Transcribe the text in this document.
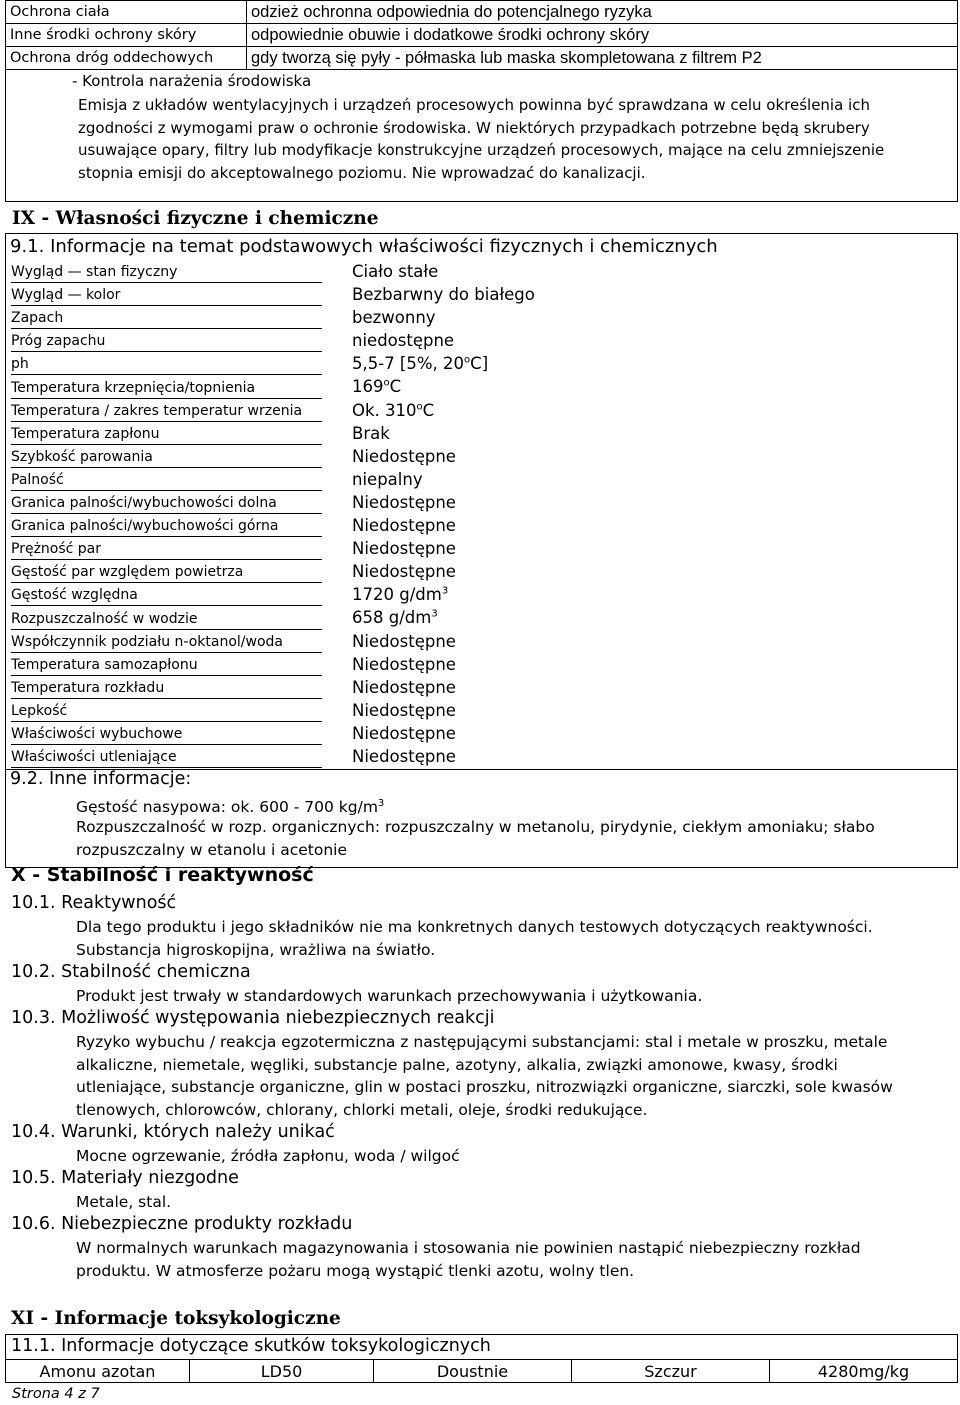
Ochrona ciała	odzież ochronna odpowiednia do potencjalnego ryzyka
Inne środki ochrony skóry	odpowiednie obuwie i dodatkowe środki ochrony skóry
Ochrona dróg oddechowych	gdy tworzą się pyły - półmaska lub maska skompletowana z filtrem P2
- Kontrola narażenia środowiska

Emisja z układów wentylacyjnych i urządzeń procesowych powinna być sprawdzana w celu określenia ich

zgodności z wymogami praw o ochronie środowiska. W niektórych przypadkach potrzebne będą skrubery

usuwające opary, filtry lub modyfikacje konstrukcyjne urządzeń procesowych, mające na celu zmniejszenie

stopnia emisji do akceptowalnego poziomu. Nie wprowadzać do kanalizacji.

IX - Własności fizyczne i chemiczne
9.1. Informacje na temat podstawowych właściwości fizycznych i chemicznych
Wygląd — stan fizyczny	Ciało stałe
Wygląd — kolor	Bezbarwny do białego
Zapach	bezwonny
Próg zapachu	niedostępne
ph	5,5-7 [5%, 20$^o$C]
Temperatura krzepnięcia/topnienia	169$^o$C
Temperatura / zakres temperatur wrzenia	Ok. 310$^o$C
Temperatura zapłonu	Brak
Szybkość parowania	Niedostępne
Palność	niepalny
Granica palności/wybuchowości dolna	Niedostępne
Granica palności/wybuchowości górna	Niedostępne
Prężność par	Niedostępne
Gęstość par względem powietrza	Niedostępne
Gęstość względna	1720 $g/dm^3$
Rozpuszczalność w wodzie	658 $g/dm^3$
Współczynnik podziału n-oktanol/woda	Niedostępne
Temperatura samozapłonu	Niedostępne
Temperatura rozkładu	Niedostępne
Lepkość	Niedostępne
Właściwości wybuchowe	Niedostępne
Właściwości utleniające	Niedostępne
9.2. Inne informacje:
Gęstość nasypowa: ok. 600 - 700 $kg/m^3$

Rozpuszczalność w rozp. organicznych: rozpuszczalny w metanolu, pirydynie, ciekłym amoniaku; słabo

rozpuszczalny w etanolu i acetonie

X - Stabilność i reaktywność
10.1. Reaktywność

Dla tego produktu i jego składników nie ma konkretnych danych testowych dotyczących reaktywności.

Substancja higroskopijna, wrażliwa na światło.

10.2. Stabilność chemiczna

Produkt jest trwały w standardowych warunkach przechowywania i użytkowania.

10.3. Możliwość występowania niebezpiecznych reakcji

Ryzyko wybuchu / reakcja egzotermiczna z następującymi substancjami: stal i metale w proszku, metale

alkaliczne, niemetale, węgliki, substancje palne, azotyny, alkalia, związki amonowe, kwasy, środki

utleniające, substancje organiczne, glin w postaci proszku, nitrozwiązki organiczne, siarczki, sole kwasów

tlenowych, chlorowców, chlorany, chlorki metali, oleje, środki redukujące.

10.4. Warunki, których należy unikać

Mocne ogrzewanie, źródła zapłonu, woda / wilgoć

10.5. Materiały niezgodne

Metale, stal.

10.6. Niebezpieczne produkty rozkładu

W normalnych warunkach magazynowania i stosowania nie powinien nastąpić niebezpieczny rozkład

produktu. W atmosferze pożaru mogą wystąpić tlenki azotu, wolny tlen.

XI - Informacje toksykologiczne
11.1. Informacje dotyczące skutków toksykologicznych
Amonu azotan	LD50	Doustnie	Szczur	4280mg/kg
Strona 4 z 7
